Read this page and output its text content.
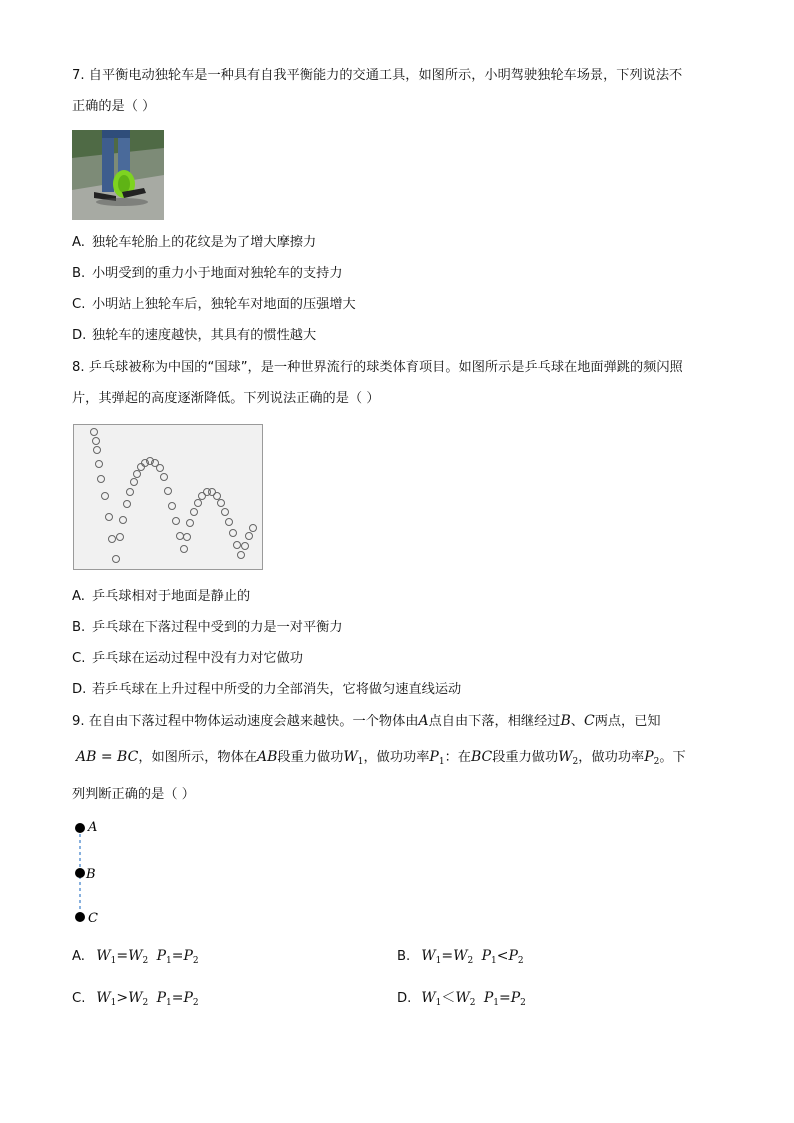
7. 自平衡电动独轮车是一种具有自我平衡能力的交通工具，如图所示，小明驾驶独轮车场景，下列说法不
正确的是（ ）
A. 独轮车轮胎上的花纹是为了增大摩擦力
B. 小明受到的重力小于地面对独轮车的支持力
C. 小明站上独轮车后，独轮车对地面的压强增大
D. 独轮车的速度越快，其具有的惯性越大
8. 乒乓球被称为中国的“国球”，是一种世界流行的球类体育项目。如图所示是乒乓球在地面弹跳的频闪照
片，其弹起的高度逐渐降低。下列说法正确的是（ ）
A. 乒乓球相对于地面是静止的
B. 乒乓球在下落过程中受到的力是一对平衡力
C. 乒乓球在运动过程中没有力对它做功
D. 若乒乓球在上升过程中所受的力全部消失，它将做匀速直线运动
9. 在自由下落过程中物体运动速度会越来越快。一个物体由A点自由下落，相继经过B、C两点，已知
AB = BC，如图所示，物体在AB段重力做功$W_1$，做功功率$P_1$：在BC段重力做功$W_2$，做功功率$P_2$。下
列判断正确的是（ ）
A
B
C
A. $W_1=W_2$ $P_1=P_2$	B. $W_1=W_2$ $P_1<P_2$
C. $W_1>W_2$ $P_1=P_2$	D. $W_1<W_2$ $P_1=P_2$
